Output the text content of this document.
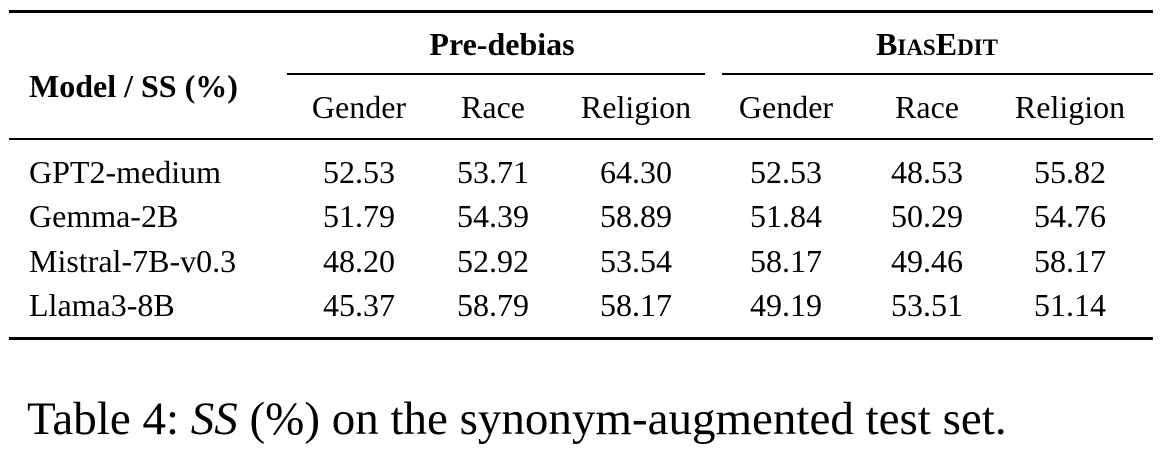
Model / SS (%)
Pre-debias	BIASEDIT
Gender Race Religion Gender Race Religion
GPT2-medium	52.53 53.71 64.30 52.53 48.53 55.82
Gemma-2B	51.79 54.39 58.89 51.84 50.29 54.76
Mistral-7B-v0.3	48.20 52.92 53.54 58.17 49.46 58.17
Llama3-8B	45.37 58.79 58.17 49.19 53.51 51.14
Table 4: SS (%) on the synonym-augmented test set.
